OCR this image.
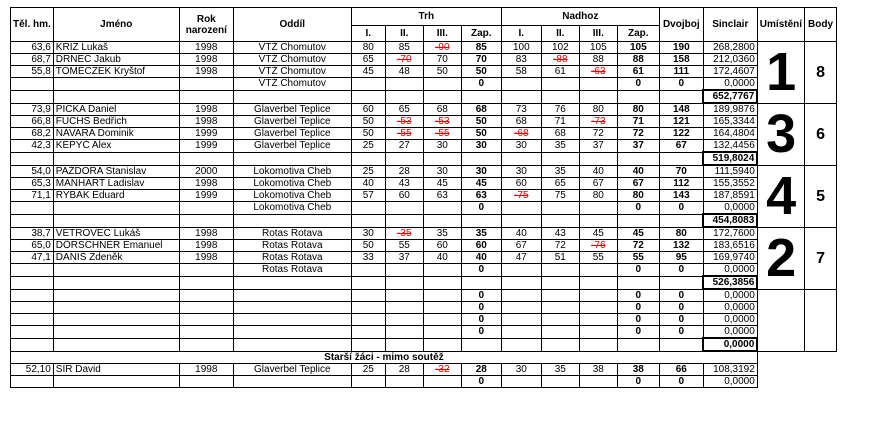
Těl. hm.	Jméno	Rok narození	Oddíl	Trh				Nadhoz				Dvojboj	Sinclair	Umístění	Body
				I.	II.	III.	Zap.	I.	II.	III.	Zap.				
63,6	KRIZ Lukaš	1998	VTŽ Chomutov	80	85	-90	85	100	102	105	105	190	268,2800	1	8
68,7	DRNEC Jakub	1998	VTŽ Chomutov	65	-70	70	70	83	-88	88	88	158	212,0360		
55,8	TOMECZEK Kryštof	1998	VTŽ Chomutov	45	48	50	50	58	61	-63	61	111	172,4607		
			VTŽ Chomutov				0				0	0	0,0000		
													652,7767		
73,9	PICKA Daniel	1998	Glaverbel Teplice	60	65	68	68	73	76	80	80	148	189,9876	3	6
66,8	FUCHS Bedřich	1998	Glaverbel Teplice	50	-53	-53	50	68	71	-73	71	121	165,3344		
68,2	NAVARA Dominik	1999	Glaverbel Teplice	50	-55	-55	50	-68	68	72	72	122	164,4804		
42,3	KEPYČ Alex	1999	Glaverbel Teplice	25	27	30	30	30	35	37	37	67	132,4456		
													519,8024		
54,0	PAŽDORA Stanislav	2000	Lokomotiva Cheb	25	28	30	30	30	35	40	40	70	111,5940	4	5
65,3	MANHART Ladislav	1998	Lokomotiva Cheb	40	43	45	45	60	65	67	67	112	155,3552		
71,1	RYBAK Eduard	1999	Lokomotiva Cheb	57	60	63	63	-75	75	80	80	143	187,8591		
			Lokomotiva Cheb				0				0	0	0,0000		
													454,8083		
38,7	VETROVEC Lukáš	1998	Rotas Rotava	30	-35	35	35	40	43	45	45	80	172,7600	2	7
65,0	DÖRSCHNER Emanuel	1998	Rotas Rotava	50	55	60	60	67	72	-76	72	132	183,6516		
47,1	DANIŠ Zdeněk	1998	Rotas Rotava	33	37	40	40	47	51	55	55	95	169,9740		
			Rotas Rotava				0				0	0	0,0000		
													526,3856		
							0				0	0	0,0000		
							0				0	0	0,0000		
							0				0	0	0,0000		
							0				0	0	0,0000		
													0,0000		
Starší žáci - mimo soutěž															
52,10	SIR David	1998	Glaverbel Teplice	25	28	-32	28	30	35	38	38	66	108,3192		
							0				0	0	0,0000		
